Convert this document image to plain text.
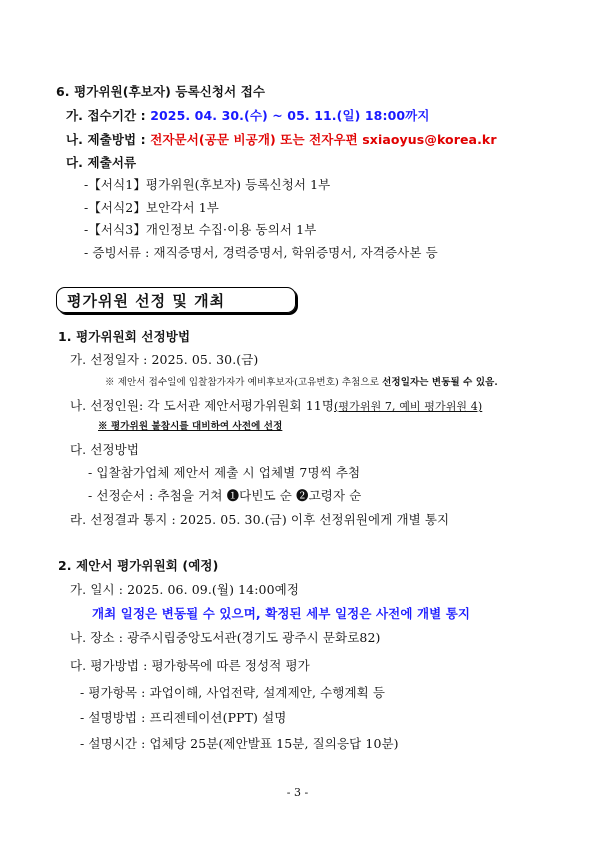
6. 평가위원(후보자) 등록신청서 접수
가. 접수기간 : 2025. 04. 30.(수) ~ 05. 11.(일) 18:00까지
나. 제출방법 : 전자문서(공문 비공개) 또는 전자우편 sxiaoyus@korea.kr
다. 제출서류
-【서식1】평가위원(후보자) 등록신청서 1부
-【서식2】보안각서 1부
-【서식3】개인정보 수집·이용 동의서 1부
- 증빙서류 : 재직증명서, 경력증명서, 학위증명서, 자격증사본 등
평가위원 선정 및 개최
1. 평가위원회 선정방법
가. 선정일자 : 2025. 05. 30.(금)
※ 제안서 접수일에 입찰참가자가 예비후보자(고유번호) 추첨으로 선정일자는 변동될 수 있음.
나. 선정인원: 각 도서관 제안서평가위원회 11명(평가위원 7, 예비 평가위원 4)
※ 평가위원 불참시를 대비하여 사전에 선정
다. 선정방법
- 입찰참가업체 제안서 제출 시 업체별 7명씩 추첨
- 선정순서 : 추첨을 거쳐 ❶다빈도 순 ❷고령자 순
라. 선정결과 통지 : 2025. 05. 30.(금) 이후 선정위원에게 개별 통지
2. 제안서 평가위원회 (예정)
가. 일시 : 2025. 06. 09.(월) 14:00예정
개최 일정은 변동될 수 있으며, 확정된 세부 일정은 사전에 개별 통지
나. 장소 : 광주시립중앙도서관(경기도 광주시 문화로82)
다. 평가방법 : 평가항목에 따른 정성적 평가
- 평가항목 : 과업이해, 사업전략, 설계제안, 수행계획 등
- 설명방법 : 프리젠테이션(PPT) 설명
- 설명시간 : 업체당 25분(제안발표 15분, 질의응답 10분)
- 3 -
